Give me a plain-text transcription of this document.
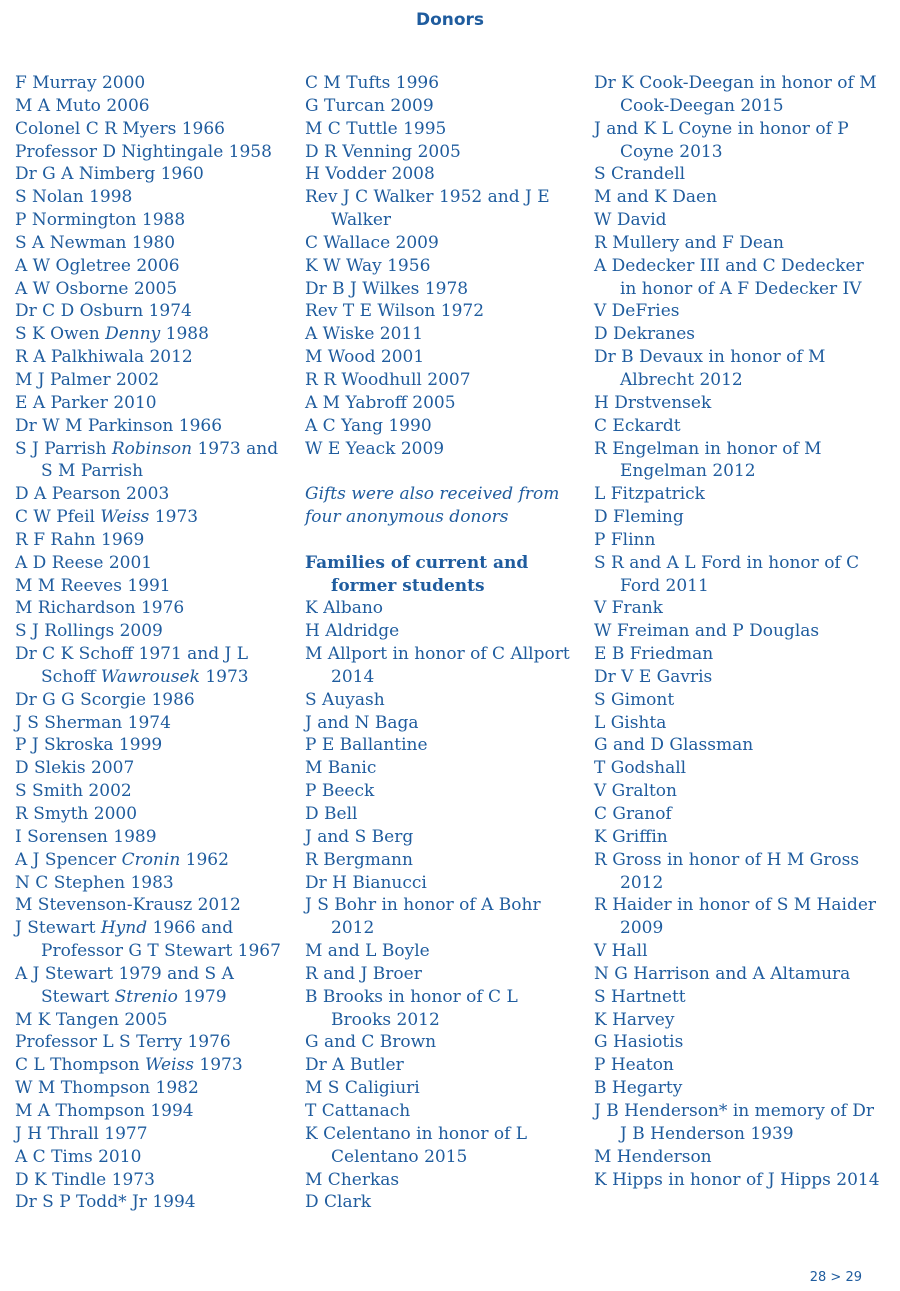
Donors

F Murray 2000

M A Muto 2006

Colonel C R Myers 1966

Professor D Nightingale 1958

Dr G A Nimberg 1960

S Nolan 1998

P Normington 1988

S A Newman 1980

A W Ogletree 2006

A W Osborne 2005

Dr C D Osburn 1974

S K Owen Denny 1988

R A Palkhiwala 2012

M J Palmer 2002

E A Parker 2010

Dr W M Parkinson 1966

S J Parrish Robinson 1973 and S M Parrish

D A Pearson 2003

C W Pfeil Weiss 1973

R F Rahn 1969

A D Reese 2001

M M Reeves 1991

M Richardson 1976

S J Rollings 2009

Dr C K Schoff 1971 and J L Schoff Wawrousek 1973

Dr G G Scorgie 1986

J S Sherman 1974

P J Skroska 1999

D Slekis 2007

S Smith 2002

R Smyth 2000

I Sorensen 1989

A J Spencer Cronin 1962

N C Stephen 1983

M Stevenson-Krausz 2012

J Stewart Hynd 1966 and Professor G T Stewart 1967

A J Stewart 1979 and S A Stewart Strenio 1979

M K Tangen 2005

Professor L S Terry 1976

C L Thompson Weiss 1973

W M Thompson 1982

M A Thompson 1994

J H Thrall 1977

A C Tims 2010

D K Tindle 1973

Dr S P Todd* Jr 1994

C M Tufts 1996

G Turcan 2009

M C Tuttle 1995

D R Venning 2005

H Vodder 2008

Rev J C Walker 1952 and J E Walker

C Wallace 2009

K W Way 1956

Dr B J Wilkes 1978

Rev T E Wilson 1972

A Wiske 2011

M Wood 2001

R R Woodhull 2007

A M Yabroff 2005

A C Yang 1990

W E Yeack 2009

Gifts were also received from four anonymous donors

Families of current and former students

K Albano

H Aldridge

M Allport in honor of C Allport 2014

S Auyash

J and N Baga

P E Ballantine

M Banic

P Beeck

D Bell

J and S Berg

R Bergmann

Dr H Bianucci

J S Bohr in honor of A Bohr 2012

M and L Boyle

R and J Broer

B Brooks in honor of C L Brooks 2012

G and C Brown

Dr A Butler

M S Caligiuri

T Cattanach

K Celentano in honor of L Celentano 2015

M Cherkas

D Clark

Dr K Cook-Deegan in honor of M Cook-Deegan 2015

J and K L Coyne in honor of P Coyne 2013

S Crandell

M and K Daen

W David

R Mullery and F Dean

A Dedecker III and C Dedecker in honor of A F Dedecker IV

V DeFries

D Dekranes

Dr B Devaux in honor of M Albrecht 2012

H Drstvensek

C Eckardt

R Engelman in honor of M Engelman 2012

L Fitzpatrick

D Fleming

P Flinn

S R and A L Ford in honor of C Ford 2011

V Frank

W Freiman and P Douglas

E B Friedman

Dr V E Gavris

S Gimont

L Gishta

G and D Glassman

T Godshall

V Gralton

C Granof

K Griffin

R Gross in honor of H M Gross 2012

R Haider in honor of S M Haider 2009

V Hall

N G Harrison and A Altamura

S Hartnett

K Harvey

G Hasiotis

P Heaton

B Hegarty

J B Henderson* in memory of Dr J B Henderson 1939

M Henderson

K Hipps in honor of J Hipps 2014

28 > 29
